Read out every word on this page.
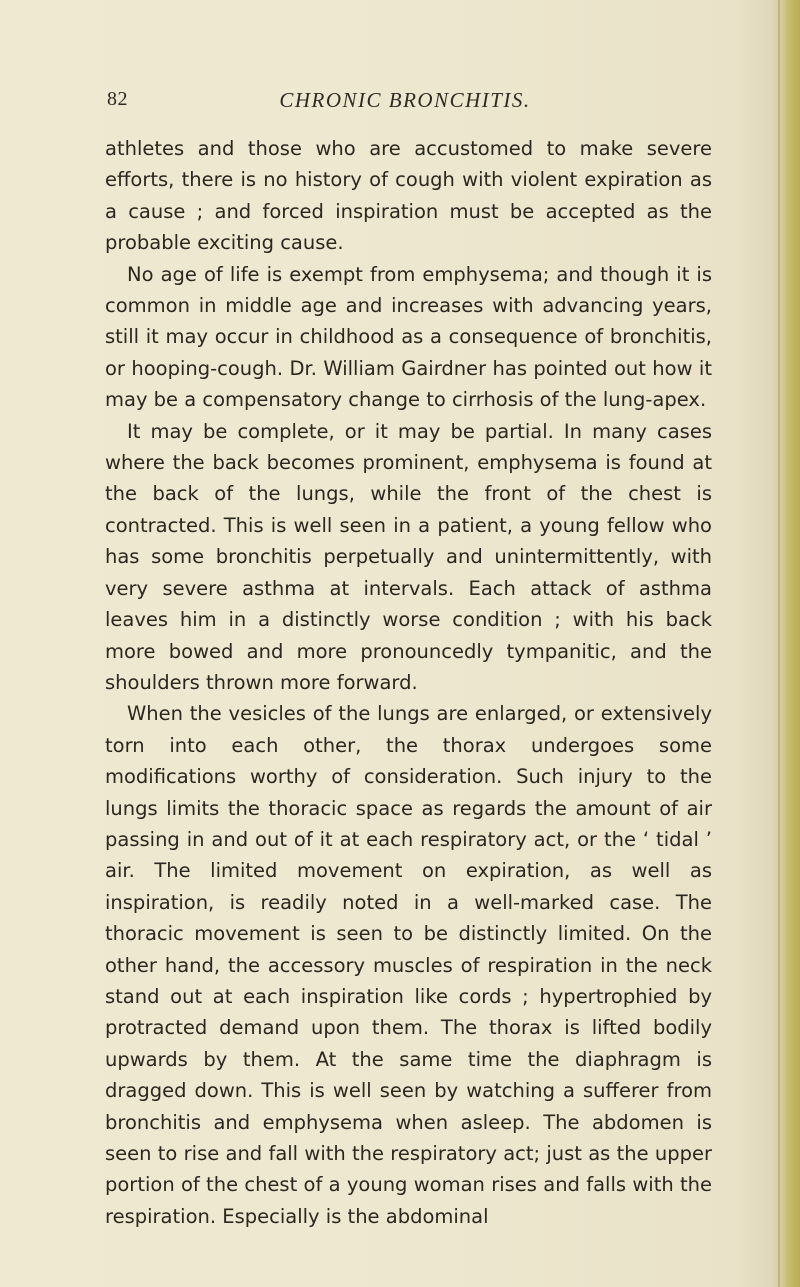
82	CHRONIC BRONCHITIS.

athletes and those who are accustomed to make severe efforts, there is no history of cough with violent expiration as a cause ; and forced inspiration must be accepted as the probable exciting cause.

No age of life is exempt from emphysema; and though it is common in middle age and increases with advancing years, still it may occur in childhood as a consequence of bronchitis, or hooping-cough. Dr. William Gairdner has pointed out how it may be a compensatory change to cirrhosis of the lung-apex.

It may be complete, or it may be partial. In many cases where the back becomes prominent, emphysema is found at the back of the lungs, while the front of the chest is contracted. This is well seen in a patient, a young fellow who has some bronchitis perpetually and unintermittently, with very severe asthma at intervals. Each attack of asthma leaves him in a distinctly worse condition ; with his back more bowed and more pronouncedly tympanitic, and the shoulders thrown more forward.

When the vesicles of the lungs are enlarged, or extensively torn into each other, the thorax undergoes some modifications worthy of consideration. Such injury to the lungs limits the thoracic space as regards the amount of air passing in and out of it at each respiratory act, or the ‘ tidal ’ air. The limited movement on expiration, as well as inspiration, is readily noted in a well-marked case. The thoracic movement is seen to be distinctly limited. On the other hand, the accessory muscles of respiration in the neck stand out at each inspiration like cords ; hypertrophied by protracted demand upon them. The thorax is lifted bodily upwards by them. At the same time the diaphragm is dragged down. This is well seen by watching a sufferer from bronchitis and emphysema when asleep. The abdomen is seen to rise and fall with the respiratory act; just as the upper portion of the chest of a young woman rises and falls with the respiration. Especially is the abdominal
